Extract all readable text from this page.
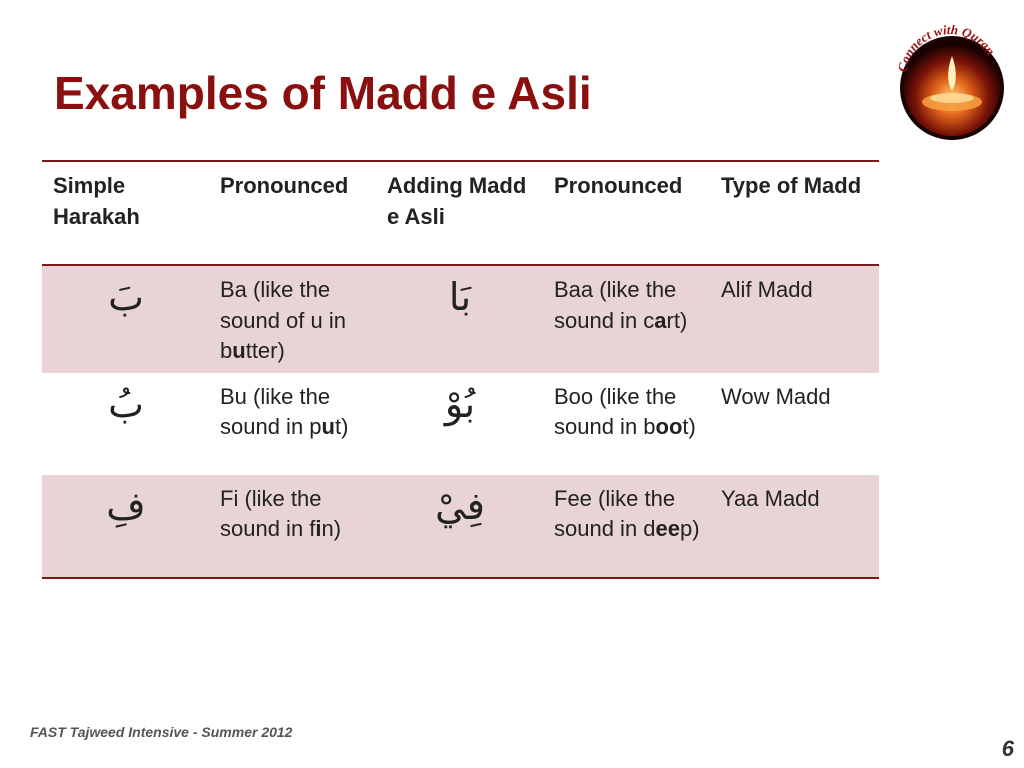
Examples of Madd e Asli	Connect with Quran
Simple Harakah	Pronounced	Adding Madd e Asli	Pronounced	Type of Madd
بَ	Ba (like the sound of u in butter)	بَا	Baa (like the sound in cart)	Alif Madd
بُ	Bu (like the sound in put)	بُوْ	Boo (like the sound in boot)	Wow Madd
فِ	Fi (like the sound in fin)	فِيْ	Fee (like the sound in deep)	Yaa Madd
FAST Tajweed Intensive - Summer 2012
6
